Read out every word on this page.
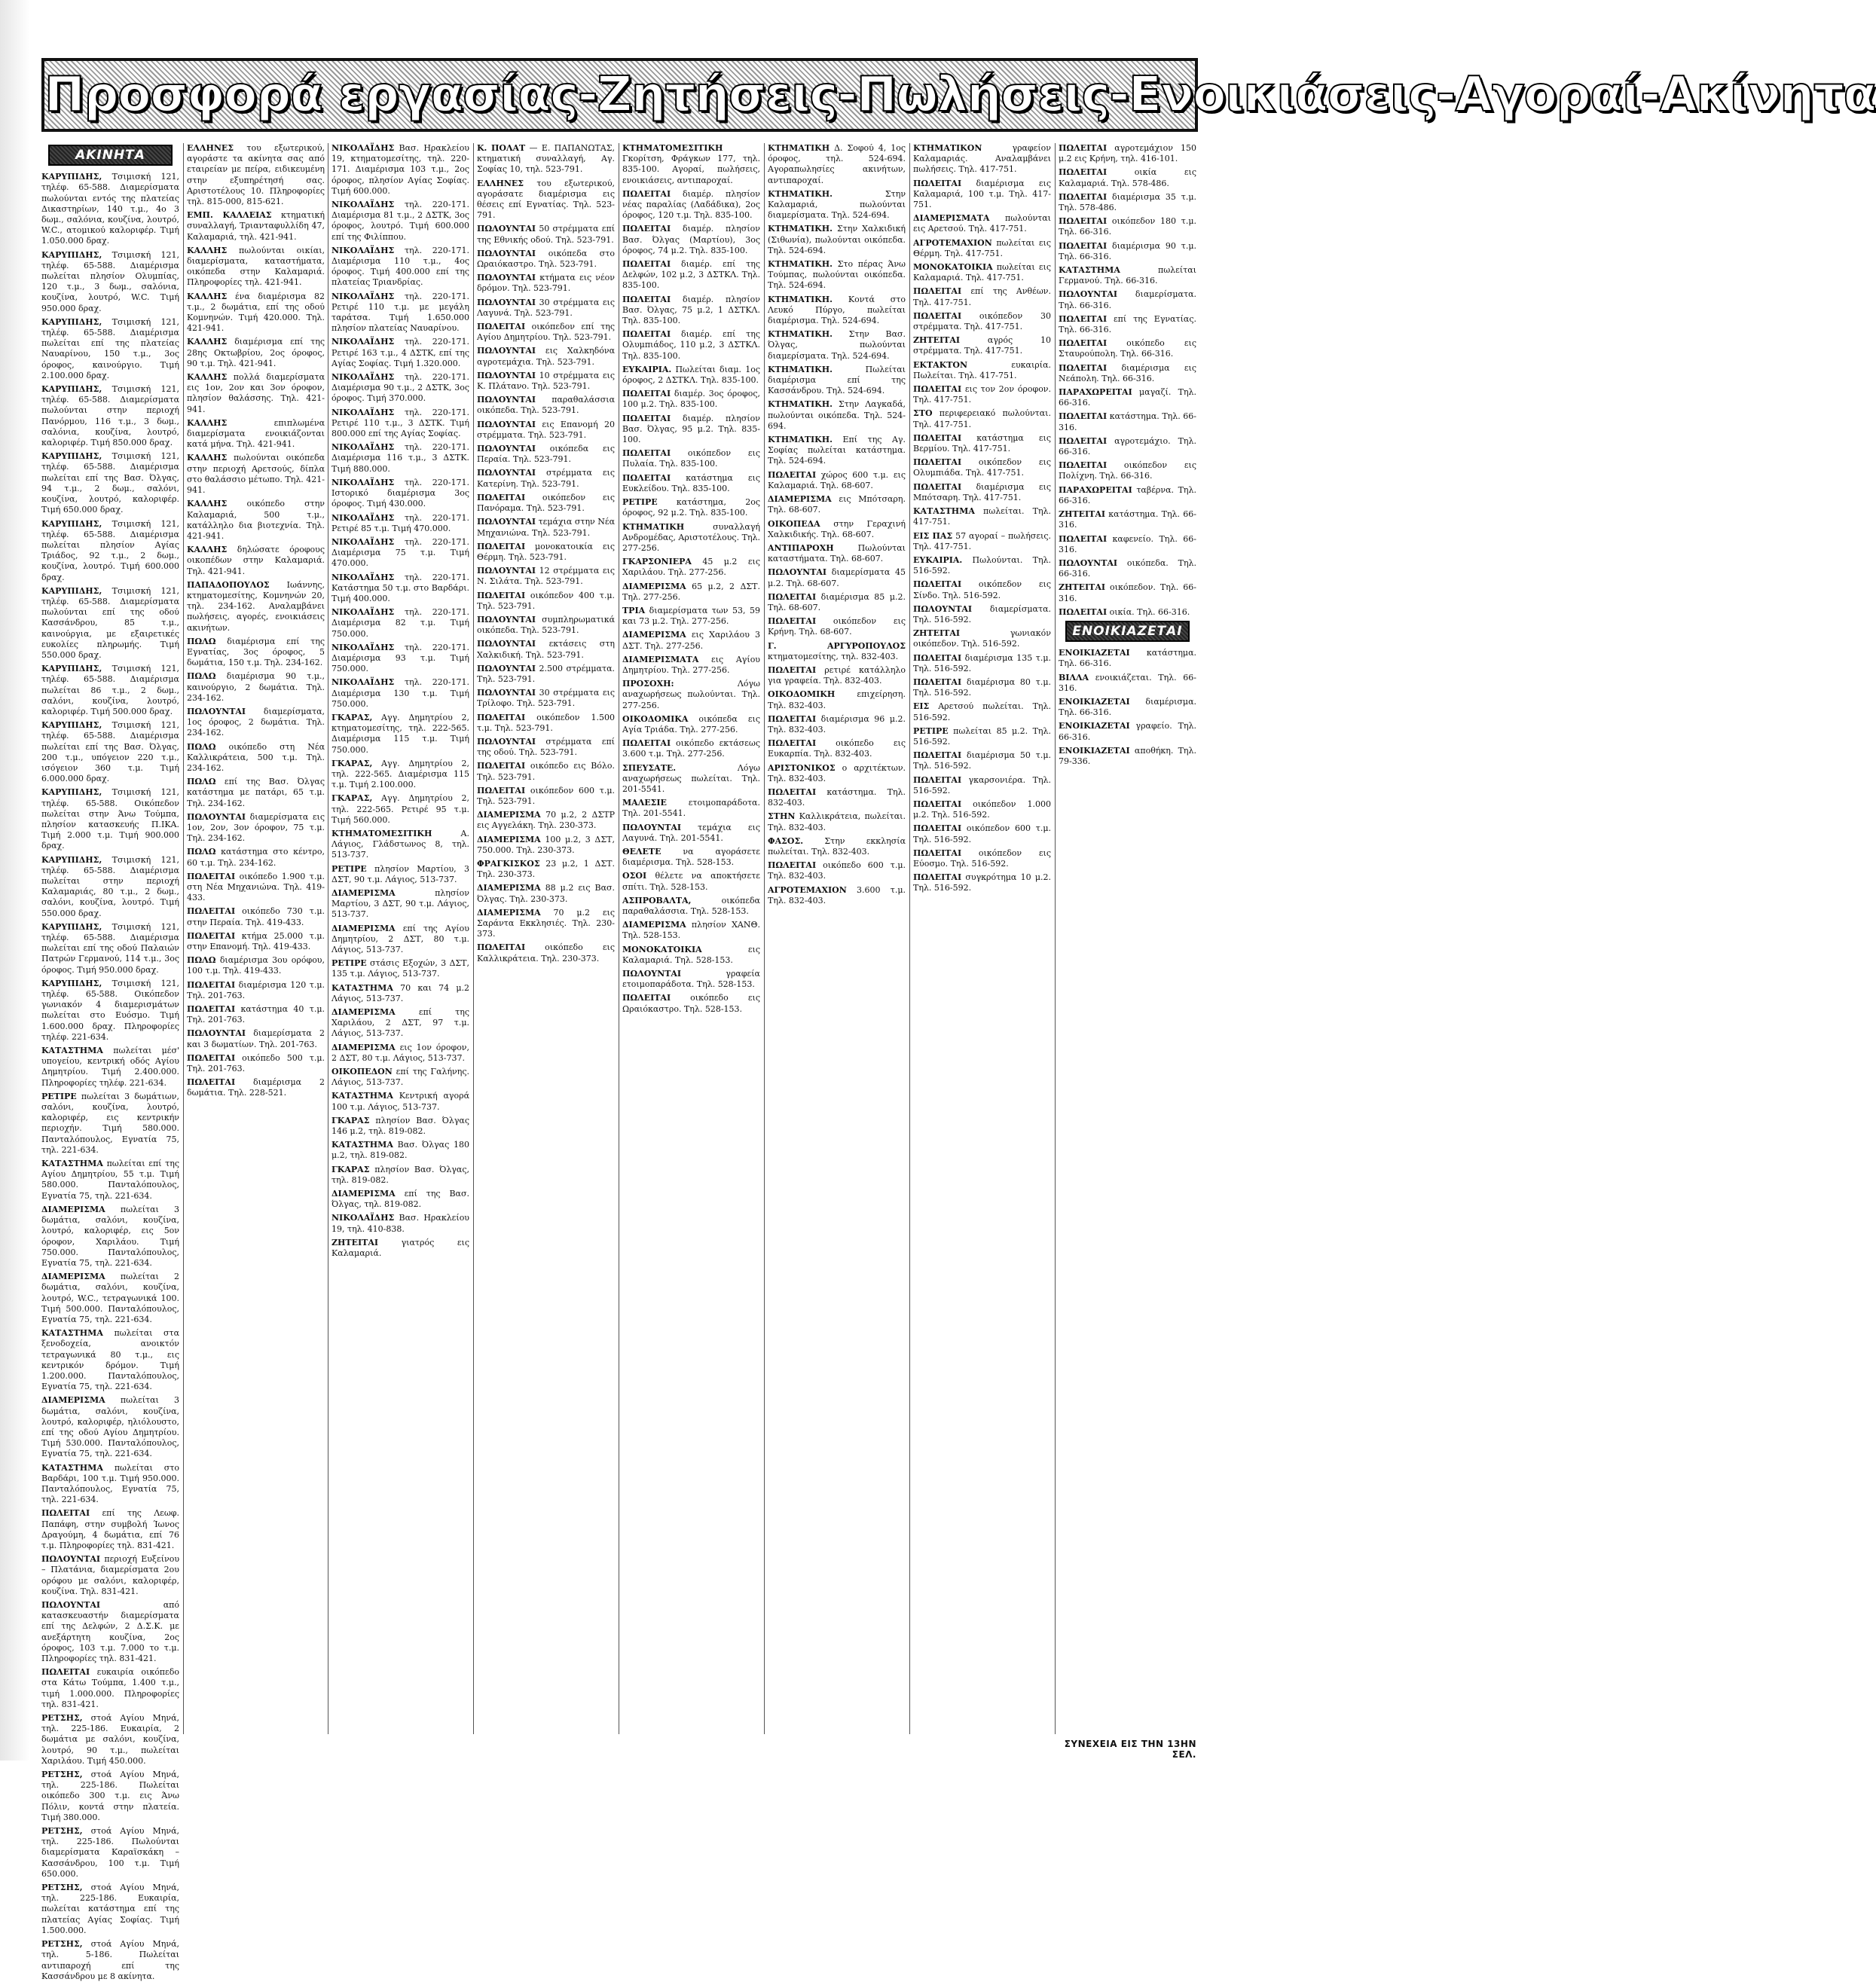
Προσφορά εργασίας-Ζητήσεις-Πωλήσεις-Ενοικιάσεις-Αγοραί-Ακίνητα
ΑΚΙΝΗΤΑ

ΚΑΡΥΠΙΔΗΣ, Τσιμισκή 121, τηλέφ. 65-588. Διαμερίσματα πωλούνται εντός της πλατείας Δικαστηρίων, 140 τ.μ., 4ο 3 δωμ., σαλόνια, κουζίνα, λουτρό, W.C., ατομικού καλοριφέρ. Τιμή 1.050.000 δραχ.

ΚΑΡΥΠΙΔΗΣ, Τσιμισκή 121, τηλέφ. 65-588. Διαμέρισμα πωλείται πλησίον Ολυμπίας, 120 τ.μ., 3 δωμ., σαλόνια, κουζίνα, λουτρό, W.C. Τιμή 950.000 δραχ.

ΚΑΡΥΠΙΔΗΣ, Τσιμισκή 121, τηλέφ. 65-588. Διαμέρισμα πωλείται επί της πλατείας Ναυαρίνου, 150 τ.μ., 3ος όροφος, καινούργιο. Τιμή 2.100.000 δραχ.

ΚΑΡΥΠΙΔΗΣ, Τσιμισκή 121, τηλέφ. 65-588. Διαμερίσματα πωλούνται στην περιοχή Πανόρμου, 116 τ.μ., 3 δωμ., σαλόνια, κουζίνα, λουτρό, καλοριφέρ. Τιμή 850.000 δραχ.

ΚΑΡΥΠΙΔΗΣ, Τσιμισκή 121, τηλέφ. 65-588. Διαμέρισμα πωλείται επί της Βασ. Όλγας, 94 τ.μ., 2 δωμ., σαλόνι, κουζίνα, λουτρό, καλοριφέρ. Τιμή 650.000 δραχ.

ΚΑΡΥΠΙΔΗΣ, Τσιμισκή 121, τηλέφ. 65-588. Διαμέρισμα πωλείται πλησίον Αγίας Τριάδος, 92 τ.μ., 2 δωμ., κουζίνα, λουτρό. Τιμή 600.000 δραχ.

ΚΑΡΥΠΙΔΗΣ, Τσιμισκή 121, τηλέφ. 65-588. Διαμερίσματα πωλούνται επί της οδού Κασσάνδρου, 85 τ.μ., καινούργια, με εξαιρετικές ευκολίες πληρωμής. Τιμή 550.000 δραχ.

ΚΑΡΥΠΙΔΗΣ, Τσιμισκή 121, τηλέφ. 65-588. Διαμέρισμα πωλείται 86 τ.μ., 2 δωμ., σαλόνι, κουζίνα, λουτρό, καλοριφέρ. Τιμή 500.000 δραχ.

ΚΑΡΥΠΙΔΗΣ, Τσιμισκή 121, τηλέφ. 65-588. Διαμέρισμα πωλείται επί της Βασ. Όλγας, 200 τ.μ., υπόγειον 220 τ.μ., ισόγειον 360 τ.μ. Τιμή 6.000.000 δραχ.

ΚΑΡΥΠΙΔΗΣ, Τσιμισκή 121, τηλέφ. 65-588. Οικόπεδον πωλείται στην Άνω Τούμπα, πλησίον κατασκευής Π.ΙΚΑ. Τιμή 2.000 τ.μ. Τιμή 900.000 δραχ.

ΚΑΡΥΠΙΔΗΣ, Τσιμισκή 121, τηλέφ. 65-588. Διαμέρισμα πωλείται στην περιοχή Καλαμαριάς, 80 τ.μ., 2 δωμ., σαλόνι, κουζίνα, λουτρό. Τιμή 550.000 δραχ.

ΚΑΡΥΠΙΔΗΣ, Τσιμισκή 121, τηλέφ. 65-588. Διαμέρισμα πωλείται επί της οδού Παλαιών Πατρών Γερμανού, 114 τ.μ., 3ος όροφος. Τιμή 950.000 δραχ.

ΚΑΡΥΠΙΔΗΣ, Τσιμισκή 121, τηλέφ. 65-588. Οικόπεδον γωνιακόν 4 διαμερισμάτων πωλείται στο Ευόσμο. Τιμή 1.600.000 δραχ. Πληροφορίες τηλέφ. 221-634.

ΚΑΤΑΣΤΗΜΑ πωλείται μέσ' υπογείου, κεντρική οδός Αγίου Δημητρίου. Τιμή 2.400.000. Πληροφορίες τηλέφ. 221-634.

ΡΕΤΙΡΕ πωλείται 3 δωμάτιων, σαλόνι, κουζίνα, λουτρό, καλοριφέρ, εις κεντρικήν περιοχήν. Τιμή 580.000. Πανταλόπουλος, Εγνατία 75, τηλ. 221-634.

ΚΑΤΑΣΤΗΜΑ πωλείται επί της Αγίου Δημητρίου, 55 τ.μ. Τιμή 580.000. Πανταλόπουλος, Εγνατία 75, τηλ. 221-634.

ΔΙΑΜΕΡΙΣΜΑ πωλείται 3 δωμάτια, σαλόνι, κουζίνα, λουτρό, καλοριφέρ, εις 5ον όροφον, Χαριλάου. Τιμή 750.000. Πανταλόπουλος, Εγνατία 75, τηλ. 221-634.

ΔΙΑΜΕΡΙΣΜΑ πωλείται 2 δωμάτια, σαλόνι, κουζίνα, λουτρό, W.C., τετραγωνικά 100. Τιμή 500.000. Πανταλόπουλος, Εγνατία 75, τηλ. 221-634.

ΚΑΤΑΣΤΗΜΑ πωλείται στα ξενοδοχεία, ανοικτόν τετραγωνικά 80 τ.μ., εις κεντρικόν δρόμον. Τιμή 1.200.000. Πανταλόπουλος, Εγνατία 75, τηλ. 221-634.

ΔΙΑΜΕΡΙΣΜΑ πωλείται 3 δωμάτια, σαλόνι, κουζίνα, λουτρό, καλοριφέρ, ηλιόλουστο, επί της οδού Αγίου Δημητρίου. Τιμή 530.000. Πανταλόπουλος, Εγνατία 75, τηλ. 221-634.

ΚΑΤΑΣΤΗΜΑ πωλείται στο Βαρδάρι, 100 τ.μ. Τιμή 950.000. Πανταλόπουλος, Εγνατία 75, τηλ. 221-634.

ΠΩΛΕΙΤΑΙ επί της Λεωφ. Παπάφη, στην συμβολή Ίωνος Δραγούμη, 4 δωμάτια, επί 76 τ.μ. Πληροφορίες τηλ. 831-421.

ΠΩΛΟΥΝΤΑΙ περιοχή Ευξείνου – Πλατάνια, διαμερίσματα 2ου ορόφου με σαλόνι, καλοριφέρ, κουζίνα. Τηλ. 831-421.

ΠΩΛΟΥΝΤΑΙ	από κατασκευαστήν διαμερίσματα επί της Δελφών, 2 Δ.Σ.Κ. με ανεξάρτητη κουζίνα, 2ος όροφος, 103 τ.μ. 7.000 το τ.μ. Πληροφορίες τηλ. 831-421.

ΠΩΛΕΙΤΑΙ ευκαιρία οικόπεδο στα Κάτω Τούμπα, 1.400 τ.μ., τιμή 1.000.000. Πληροφορίες τηλ. 831-421.

ΡΕΤΣΗΣ, στοά Αγίου Μηνά, τηλ. 225-186. Ευκαιρία, 2 δωμάτια με σαλόνι, κουζίνα, λουτρό, 90 τ.μ., πωλείται Χαριλάου. Τιμή 450.000.

ΡΕΤΣΗΣ, στοά Αγίου Μηνά, τηλ. 225-186. Πωλείται οικόπεδο 300 τ.μ. εις Άνω Πόλιν, κοντά στην πλατεία. Τιμή 380.000.

ΡΕΤΣΗΣ, στοά Αγίου Μηνά, τηλ. 225-186. Πωλούνται διαμερίσματα Καραϊσκάκη – Κασσάνδρου, 100 τ.μ. Τιμή 650.000.

ΡΕΤΣΗΣ, στοά Αγίου Μηνά, τηλ. 225-186. Ευκαιρία, πωλείται κατάστημα επί της πλατείας Αγίας Σοφίας. Τιμή 1.500.000.

ΡΕΤΣΗΣ, στοά Αγίου Μηνά, τηλ. 5-186. Πωλείται αντιπαροχή επί της Κασσάνδρου με 8 ακίνητα.

ΕΛΛΗΝΕΣ του εξωτερικού, αγοράστε τα ακίνητα σας από εταιρείαν με πείρα, ειδικευμένη στην εξυπηρέτησή σας. Αριστοτέλους 10. Πληροφορίες τηλ. 815-000, 815-621.

ΕΜΠ. ΚΑΛΛΕΙΑΣ κτηματική συναλλαγή, Τριανταφυλλίδη 47, Καλαμαριά, τηλ. 421-941.

ΚΑΛΛΗΣ πωλούνται οικίαι, διαμερίσματα, καταστήματα, οικόπεδα στην Καλαμαριά. Πληροφορίες τηλ. 421-941.

ΚΑΛΛΗΣ ένα διαμέρισμα 82 τ.μ., 2 δωμάτια, επί της οδού Κομνηνών. Τιμή 420.000. Τηλ. 421-941.

ΚΑΛΛΗΣ διαμέρισμα επί της 28ης Οκτωβρίου, 2ος όροφος, 90 τ.μ. Τηλ. 421-941.

ΚΑΛΛΗΣ πολλά διαμερίσματα εις 1ον, 2ον και 3ον όροφον, πλησίον θαλάσσης. Τηλ. 421-941.

ΚΑΛΛΗΣ	επιπλωμένα διαμερίσματα ενοικιάζονται κατά μήνα. Τηλ. 421-941.

ΚΑΛΛΗΣ πωλούνται οικόπεδα στην περιοχή Αρετσούς, δίπλα στο θαλάσσιο μέτωπο. Τηλ. 421-941.

ΚΑΛΛΗΣ οικόπεδο στην Καλαμαριά, 500 τ.μ., κατάλληλο δια βιοτεχνία. Τηλ. 421-941.

ΚΑΛΛΗΣ δηλώσατε όροφους οικοπέδων στην Καλαμαριά. Τηλ. 421-941.

ΠΑΠΑΔΟΠΟΥΛΟΣ Ιωάννης, κτηματομεσίτης, Κομνηνών 20, τηλ. 234-162. Αναλαμβάνει πωλήσεις, αγορές, ενοικιάσεις ακινήτων.

ΠΩΛΩ διαμέρισμα επί της Εγνατίας, 3ος όροφος, 5 δωμάτια, 150 τ.μ. Τηλ. 234-162.

ΠΩΛΩ διαμέρισμα 90 τ.μ., καινούργιο, 2 δωμάτια. Τηλ. 234-162.

ΠΩΛΟΥΝΤΑΙ διαμερίσματα, 1ος όροφος, 2 δωμάτια. Τηλ. 234-162.

ΠΩΛΩ οικόπεδο στη Νέα Καλλικράτεια, 500 τ.μ. Τηλ. 234-162.

ΠΩΛΩ επί της Βασ. Όλγας κατάστημα με πατάρι, 65 τ.μ. Τηλ. 234-162.

ΠΩΛΟΥΝΤΑΙ διαμερίσματα εις 1ον, 2ον, 3ον όροφον, 75 τ.μ. Τηλ. 234-162.

ΠΩΛΩ κατάστημα στο κέντρο, 60 τ.μ. Τηλ. 234-162.

ΠΩΛΕΙΤΑΙ οικόπεδο 1.900 τ.μ. στη Νέα Μηχανιώνα. Τηλ. 419-433.

ΠΩΛΕΙΤΑΙ οικόπεδο 730 τ.μ. στην Περαία. Τηλ. 419-433.

ΠΩΛΕΙΤΑΙ κτήμα 25.000 τ.μ. στην Επανομή. Τηλ. 419-433.

ΠΩΛΩ διαμέρισμα 3ου ορόφου, 100 τ.μ. Τηλ. 419-433.

ΠΩΛΕΙΤΑΙ διαμέρισμα 120 τ.μ. Τηλ. 201-763.

ΠΩΛΕΙΤΑΙ κατάστημα 40 τ.μ. Τηλ. 201-763.

ΠΩΛΟΥΝΤΑΙ διαμερίσματα 2 και 3 δωματίων. Τηλ. 201-763.

ΠΩΛΕΙΤΑΙ οικόπεδο 500 τ.μ. Τηλ. 201-763.

ΠΩΛΕΙΤΑΙ διαμέρισμα 2 δωμάτια. Τηλ. 228-521.

ΝΙΚΟΛΑΪΔΗΣ Βασ. Ηρακλείου 19, κτηματομεσίτης, τηλ. 220-171. Διαμέρισμα 103 τ.μ., 2ος όροφος, πλησίον Αγίας Σοφίας. Τιμή 600.000.

ΝΙΚΟΛΑΪΔΗΣ τηλ. 220-171. Διαμέρισμα 81 τ.μ., 2 ΔΣΤΚ, 3ος όροφος, λουτρό. Τιμή 600.000 επί της Φιλίππου.

ΝΙΚΟΛΑΪΔΗΣ τηλ. 220-171. Διαμέρισμα 110 τ.μ., 4ος όροφος. Τιμή 400.000 επί της πλατείας Τριανδρίας.

ΝΙΚΟΛΑΪΔΗΣ τηλ. 220-171. Ρετιρέ 110 τ.μ. με μεγάλη ταράτσα. Τιμή 1.650.000 πλησίον πλατείας Ναυαρίνου.

ΝΙΚΟΛΑΪΔΗΣ τηλ. 220-171. Ρετιρέ 163 τ.μ., 4 ΔΣΤΚ, επί της Αγίας Σοφίας. Τιμή 1.320.000.

ΝΙΚΟΛΑΪΔΗΣ τηλ. 220-171. Διαμέρισμα 90 τ.μ., 2 ΔΣΤΚ, 3ος όροφος. Τιμή 370.000.

ΝΙΚΟΛΑΪΔΗΣ τηλ. 220-171. Ρετιρέ 110 τ.μ., 3 ΔΣΤΚ. Τιμή 800.000 επί της Αγίας Σοφίας.

ΝΙΚΟΛΑΪΔΗΣ τηλ. 220-171. Διαμέρισμα 116 τ.μ., 3 ΔΣΤΚ. Τιμή 880.000.

ΝΙΚΟΛΑΪΔΗΣ τηλ. 220-171. Ιστορικό διαμέρισμα 3ος όροφος. Τιμή 430.000.

ΝΙΚΟΛΑΪΔΗΣ τηλ. 220-171. Ρετιρέ 85 τ.μ. Τιμή 470.000.

ΝΙΚΟΛΑΪΔΗΣ τηλ. 220-171. Διαμέρισμα 75 τ.μ. Τιμή 470.000.

ΝΙΚΟΛΑΪΔΗΣ τηλ. 220-171. Κατάστημα 50 τ.μ. στο Βαρδάρι. Τιμή 400.000.

ΝΙΚΟΛΑΪΔΗΣ τηλ. 220-171. Διαμέρισμα 82 τ.μ. Τιμή 750.000.

ΝΙΚΟΛΑΪΔΗΣ τηλ. 220-171. Διαμέρισμα 93 τ.μ. Τιμή 750.000.

ΝΙΚΟΛΑΪΔΗΣ τηλ. 220-171. Διαμέρισμα 130 τ.μ. Τιμή 750.000.

ΓΚΑΡΑΣ, Αγγ. Δημητρίου 2, κτηματομεσίτης, τηλ. 222-565. Διαμέρισμα 115 τ.μ. Τιμή 750.000.

ΓΚΑΡΑΣ, Αγγ. Δημητρίου 2, τηλ. 222-565. Διαμέρισμα 115 τ.μ. Τιμή 2.100.000.

ΓΚΑΡΑΣ, Αγγ. Δημητρίου 2, τηλ. 222-565. Ρετιρέ 95 τ.μ. Τιμή 560.000.

ΚΤΗΜΑΤΟΜΕΣΙΤΙΚΗ	Α. Λάγιος, Γλάδστωνος 8, τηλ. 513-737.

ΡΕΤΙΡΕ πλησίον Μαρτίου, 3 ΔΣΤ, 90 τ.μ. Λάγιος, 513-737.

ΔΙΑΜΕΡΙΣΜΑ	πλησίον Μαρτίου, 3 ΔΣΤ, 90 τ.μ. Λάγιος, 513-737.

ΔΙΑΜΕΡΙΣΜΑ επί της Αγίου Δημητρίου, 2 ΔΣΤ, 80 τ.μ. Λάγιος, 513-737.

ΡΕΤΙΡΕ στάσις Εξοχών, 3 ΔΣΤ, 135 τ.μ. Λάγιος, 513-737.

ΚΑΤΑΣΤΗΜΑ 70 και 74 μ.2 Λάγιος, 513-737.

ΔΙΑΜΕΡΙΣΜΑ	επί της Χαριλάου, 2 ΔΣΤ, 97 τ.μ. Λάγιος, 513-737.

ΔΙΑΜΕΡΙΣΜΑ εις 1ον όροφον, 2 ΔΣΤ, 80 τ.μ. Λάγιος, 513-737.

ΟΙΚΟΠΕΔΟΝ επί της Γαλήνης. Λάγιος, 513-737.

ΚΑΤΑΣΤΗΜΑ Κεντρική αγορά 100 τ.μ. Λάγιος, 513-737.

ΓΚΑΡΑΣ πλησίον Βασ. Όλγας 146 μ.2, τηλ. 819-082.

ΚΑΤΑΣΤΗΜΑ Βασ. Όλγας 180 μ.2, τηλ. 819-082.

ΓΚΑΡΑΣ πλησίον Βασ. Όλγας, τηλ. 819-082.

ΔΙΑΜΕΡΙΣΜΑ επί της Βασ. Όλγας, τηλ. 819-082.

ΝΙΚΟΛΑΪΔΗΣ Βασ. Ηρακλείου 19, τηλ. 410-838.

ΖΗΤΕΙΤΑΙ	γιατρός εις Καλαμαριά.

Κ. ΠΟΛΑΤ — Ε. ΠΑΠΑΝΩΤΑΣ, κτηματική συναλλαγή, Αγ. Σοφίας 10, τηλ. 523-791.

ΕΛΛΗΝΕΣ του εξωτερικού, αγοράσατε διαμέρισμα εις θέσεις επί Εγνατίας. Τηλ. 523-791.

ΠΩΛΟΥΝΤΑΙ 50 στρέμματα επί της Εθνικής οδού. Τηλ. 523-791.

ΠΩΛΟΥΝΤΑΙ οικόπεδα στο Ωραιόκαστρο. Τηλ. 523-791.

ΠΩΛΟΥΝΤΑΙ κτήματα εις νέον δρόμον. Τηλ. 523-791.

ΠΩΛΟΥΝΤΑΙ 30 στρέμματα εις Λαγυνά. Τηλ. 523-791.

ΠΩΛΕΙΤΑΙ οικόπεδον επί της Αγίου Δημητρίου. Τηλ. 523-791.

ΠΩΛΟΥΝΤΑΙ εις Χαλκηδόνα αγροτεμάχια. Τηλ. 523-791.

ΠΩΛΟΥΝΤΑΙ 10 στρέμματα εις Κ. Πλάτανο. Τηλ. 523-791.

ΠΩΛΟΥΝΤΑΙ παραθαλάσσια οικόπεδα. Τηλ. 523-791.

ΠΩΛΟΥΝΤΑΙ εις Επανομή 20 στρέμματα. Τηλ. 523-791.

ΠΩΛΟΥΝΤΑΙ οικόπεδα εις Περαία. Τηλ. 523-791.

ΠΩΛΟΥΝΤΑΙ στρέμματα εις Κατερίνη. Τηλ. 523-791.

ΠΩΛΕΙΤΑΙ οικόπεδον εις Πανόραμα. Τηλ. 523-791.

ΠΩΛΟΥΝΤΑΙ τεμάχια στην Νέα Μηχανιώνα. Τηλ. 523-791.

ΠΩΛΕΙΤΑΙ μονοκατοικία εις Θέρμη. Τηλ. 523-791.

ΠΩΛΟΥΝΤΑΙ 12 στρέμματα εις Ν. Σιλάτα. Τηλ. 523-791.

ΠΩΛΕΙΤΑΙ οικόπεδον 400 τ.μ. Τηλ. 523-791.

ΠΩΛΟΥΝΤΑΙ συμπληρωματικά οικόπεδα. Τηλ. 523-791.

ΠΩΛΟΥΝΤΑΙ εκτάσεις στη Χαλκιδική. Τηλ. 523-791.

ΠΩΛΟΥΝΤΑΙ 2.500 στρέμματα. Τηλ. 523-791.

ΠΩΛΟΥΝΤΑΙ 30 στρέμματα εις Τρίλοφο. Τηλ. 523-791.

ΠΩΛΕΙΤΑΙ οικόπεδον 1.500 τ.μ. Τηλ. 523-791.

ΠΩΛΟΥΝΤΑΙ στρέμματα επί της οδού. Τηλ. 523-791.

ΠΩΛΕΙΤΑΙ οικόπεδο εις Βόλο. Τηλ. 523-791.

ΠΩΛΕΙΤΑΙ οικόπεδον 600 τ.μ. Τηλ. 523-791.

ΔΙΑΜΕΡΙΣΜΑ 70 μ.2, 2 ΔΣΤΡ εις Αγγελάκη. Τηλ. 230-373.

ΔΙΑΜΕΡΙΣΜΑ 100 μ.2, 3 ΔΣΤ, 750.000. Τηλ. 230-373.

ΦΡΑΓΚΙΣΚΟΣ 23 μ.2, 1 ΔΣΤ. Τηλ. 230-373.

ΔΙΑΜΕΡΙΣΜΑ 88 μ.2 εις Βασ. Όλγας. Τηλ. 230-373.

ΔΙΑΜΕΡΙΣΜΑ 70 μ.2 εις Σαράντα Εκκλησιές. Τηλ. 230-373.

ΠΩΛΕΙΤΑΙ οικόπεδο εις Καλλικράτεια. Τηλ. 230-373.

ΚΤΗΜΑΤΟΜΕΣΙΤΙΚΗ Γκορίτση, Φράγκων 177, τηλ. 835-100. Αγοραί, πωλήσεις, ενοικιάσεις, αντιπαροχαί.

ΠΩΛΕΙΤΑΙ διαμέρ. πλησίον νέας παραλίας (Λαδάδικα), 2ος όροφος, 120 τ.μ. Τηλ. 835-100.

ΠΩΛΕΙΤΑΙ διαμέρ. πλησίον Βασ. Όλγας (Μαρτίου), 3ος όροφος, 74 μ.2. Τηλ. 835-100.

ΠΩΛΕΙΤΑΙ διαμέρ. επί της Δελφών, 102 μ.2, 3 ΔΣΤΚΛ. Τηλ. 835-100.

ΠΩΛΕΙΤΑΙ διαμέρ. πλησίον Βασ. Όλγας, 75 μ.2, 1 ΔΣΤΚΛ. Τηλ. 835-100.

ΠΩΛΕΙΤΑΙ διαμέρ. επί της Ολυμπιάδος, 110 μ.2, 3 ΔΣΤΚΛ. Τηλ. 835-100.

ΕΥΚΑΙΡΙΑ. Πωλείται διαμ. 1ος όροφος, 2 ΔΣΤΚΛ. Τηλ. 835-100.

ΠΩΛΕΙΤΑΙ διαμέρ. 3ος όροφος, 100 μ.2. Τηλ. 835-100.

ΠΩΛΕΙΤΑΙ διαμέρ. πλησίον Βασ. Όλγας, 95 μ.2. Τηλ. 835-100.

ΠΩΛΕΙΤΑΙ οικόπεδον εις Πυλαία. Τηλ. 835-100.

ΠΩΛΕΙΤΑΙ κατάστημα εις Ευκλείδου. Τηλ. 835-100.

ΡΕΤΙΡΕ κατάστημα, 2ος όροφος, 92 μ.2. Τηλ. 835-100.

ΚΤΗΜΑΤΙΚΗ	συναλλαγή Ανδρομέδας, Αριστοτέλους. Τηλ. 277-256.

ΓΚΑΡΣΟΝΙΕΡΑ 45 μ.2 εις Χαριλάου. Τηλ. 277-256.

ΔΙΑΜΕΡΙΣΜΑ 65 μ.2, 2 ΔΣΤ. Τηλ. 277-256.

ΤΡΙΑ διαμερίσματα των 53, 59 και 73 μ.2. Τηλ. 277-256.

ΔΙΑΜΕΡΙΣΜΑ εις Χαριλάου 3 ΔΣΤ. Τηλ. 277-256.

ΔΙΑΜΕΡΙΣΜΑΤΑ εις Αγίου Δημητρίου. Τηλ. 277-256.

ΠΡΟΣΟΧΗ:	Λόγω αναχωρήσεως πωλούνται. Τηλ. 277-256.

ΟΙΚΟΔΟΜΙΚΑ οικόπεδα εις Αγία Τριάδα. Τηλ. 277-256.

ΠΩΛΕΙΤΑΙ οικόπεδο εκτάσεως 3.600 τ.μ. Τηλ. 277-256.

ΣΠΕΥΣΑΤΕ.	Λόγω αναχωρήσεως πωλείται. Τηλ. 201-5541.

ΜΑΛΕΣΙΕ	ετοιμοπαράδοτα. Τηλ. 201-5541.

ΠΩΛΟΥΝΤΑΙ τεμάχια εις Λαγυνά. Τηλ. 201-5541.

ΘΕΛΕΤΕ	να αγοράσετε διαμέρισμα. Τηλ. 528-153.

ΟΣΟΙ θέλετε να αποκτήσετε σπίτι. Τηλ. 528-153.

ΑΣΠΡΟΒΑΛΤΑ,	οικόπεδα παραθαλάσσια. Τηλ. 528-153.

ΔΙΑΜΕΡΙΣΜΑ πλησίον ΧΑΝΘ. Τηλ. 528-153.

ΜΟΝΟΚΑΤΟΙΚΙΑ	εις Καλαμαριά. Τηλ. 528-153.

ΠΩΛΟΥΝΤΑΙ	γραφεία ετοιμοπαράδοτα. Τηλ. 528-153.

ΠΩΛΕΙΤΑΙ οικόπεδο εις Ωραιόκαστρο. Τηλ. 528-153.

ΚΤΗΜΑΤΙΚΗ Δ. Σοφού 4, 1ος όροφος, τηλ. 524-694. Αγοραπωλησίες ακινήτων, αντιπαροχαί.

ΚΤΗΜΑΤΙΚΗ.	Στην Καλαμαριά, πωλούνται διαμερίσματα. Τηλ. 524-694.

ΚΤΗΜΑΤΙΚΗ. Στην Χαλκιδική (Σιθωνία), πωλούνται οικόπεδα. Τηλ. 524-694.

ΚΤΗΜΑΤΙΚΗ. Στο πέρας Άνω Τούμπας, πωλούνται οικόπεδα. Τηλ. 524-694.

ΚΤΗΜΑΤΙΚΗ. Κοντά στο Λευκό Πύργο, πωλείται διαμέρισμα. Τηλ. 524-694.

ΚΤΗΜΑΤΙΚΗ. Στην Βασ. Όλγας, πωλούνται διαμερίσματα. Τηλ. 524-694.

ΚΤΗΜΑΤΙΚΗ.	Πωλείται διαμέρισμα επί της Κασσάνδρου. Τηλ. 524-694.

ΚΤΗΜΑΤΙΚΗ. Στην Λαγκαδά, πωλούνται οικόπεδα. Τηλ. 524-694.

ΚΤΗΜΑΤΙΚΗ. Επί της Αγ. Σοφίας πωλείται κατάστημα. Τηλ. 524-694.

ΠΩΛΕΙΤΑΙ χώρος 600 τ.μ. εις Καλαμαριά. Τηλ. 68-607.

ΔΙΑΜΕΡΙΣΜΑ εις Μπότσαρη. Τηλ. 68-607.

ΟΙΚΟΠΕΔΑ στην Γεραχινή Χαλκιδικής. Τηλ. 68-607.

ΑΝΤΙΠΑΡΟΧΗ	Πωλούνται καταστήματα. Τηλ. 68-607.

ΠΩΛΟΥΝΤΑΙ διαμερίσματα 45 μ.2. Τηλ. 68-607.

ΠΩΛΕΙΤΑΙ διαμέρισμα 85 μ.2. Τηλ. 68-607.

ΠΩΛΕΙΤΑΙ οικόπεδον εις Κρήνη. Τηλ. 68-607.

Γ. ΑΡΓΥΡΟΠΟΥΛΟΣ κτηματομεσίτης, τηλ. 832-403.

ΠΩΛΕΙΤΑΙ ρετιρέ κατάλληλο για γραφεία. Τηλ. 832-403.

ΟΙΚΟΔΟΜΙΚΗ	επιχείρηση. Τηλ. 832-403.

ΠΩΛΕΙΤΑΙ διαμέρισμα 96 μ.2. Τηλ. 832-403.

ΠΩΛΕΙΤΑΙ οικόπεδο εις Ευκαρπία. Τηλ. 832-403.

ΑΡΙΣΤΟΝΙΚΟΣ ο αρχιτέκτων. Τηλ. 832-403.

ΠΩΛΕΙΤΑΙ κατάστημα. Τηλ. 832-403.

ΣΤΗΝ Καλλικράτεια, πωλείται. Τηλ. 832-403.

ΦΑΣΟΣ.	Στην εκκλησία πωλείται. Τηλ. 832-403.

ΠΩΛΕΙΤΑΙ οικόπεδο 600 τ.μ. Τηλ. 832-403.

ΑΓΡΟΤΕΜΑΧΙΟΝ 3.600 τ.μ. Τηλ. 832-403.

ΚΤΗΜΑΤΙΚΟΝ	γραφείον Καλαμαριάς. Αναλαμβάνει πωλήσεις. Τηλ. 417-751.

ΠΩΛΕΙΤΑΙ διαμέρισμα εις Καλαμαριά, 100 τ.μ. Τηλ. 417-751.

ΔΙΑΜΕΡΙΣΜΑΤΑ πωλούνται εις Αρετσού. Τηλ. 417-751.

ΑΓΡΟΤΕΜΑΧΙΟΝ πωλείται εις Θέρμη. Τηλ. 417-751.

ΜΟΝΟΚΑΤΟΙΚΙΑ πωλείται εις Καλαμαριά. Τηλ. 417-751.

ΠΩΛΕΙΤΑΙ επί της Ανθέων. Τηλ. 417-751.

ΠΩΛΕΙΤΑΙ οικόπεδον 30 στρέμματα. Τηλ. 417-751.

ΖΗΤΕΙΤΑΙ	αγρός 10 στρέμματα. Τηλ. 417-751.

ΕΚΤΑΚΤΟΝ	ευκαιρία. Πωλείται. Τηλ. 417-751.

ΠΩΛΕΙΤΑΙ εις τον 2ον όροφον. Τηλ. 417-751.

ΣΤΟ περιφερειακό πωλούνται. Τηλ. 417-751.

ΠΩΛΕΙΤΑΙ κατάστημα εις Βερμίου. Τηλ. 417-751.

ΠΩΛΕΙΤΑΙ οικόπεδον εις Ολυμπιάδα. Τηλ. 417-751.

ΠΩΛΕΙΤΑΙ διαμέρισμα εις Μπότσαρη. Τηλ. 417-751.

ΚΑΤΑΣΤΗΜΑ πωλείται. Τηλ. 417-751.

ΕΙΣ ΠΑΣ 57 αγοραί – πωλήσεις. Τηλ. 417-751.

ΕΥΚΑΙΡΙΑ. Πωλούνται. Τηλ. 516-592.

ΠΩΛΕΙΤΑΙ οικόπεδον εις Σίνδο. Τηλ. 516-592.

ΠΩΛΟΥΝΤΑΙ διαμερίσματα. Τηλ. 516-592.

ΖΗΤΕΙΤΑΙ	γωνιακόν οικόπεδον. Τηλ. 516-592.

ΠΩΛΕΙΤΑΙ διαμέρισμα 135 τ.μ. Τηλ. 516-592.

ΠΩΛΕΙΤΑΙ διαμέρισμα 80 τ.μ. Τηλ. 516-592.

ΕΙΣ Αρετσού πωλείται. Τηλ. 516-592.

ΡΕΤΙΡΕ πωλείται 85 μ.2. Τηλ. 516-592.

ΠΩΛΕΙΤΑΙ διαμέρισμα 50 τ.μ. Τηλ. 516-592.

ΠΩΛΕΙΤΑΙ γκαρσονιέρα. Τηλ. 516-592.

ΠΩΛΕΙΤΑΙ οικόπεδον 1.000 μ.2. Τηλ. 516-592.

ΠΩΛΕΙΤΑΙ οικόπεδον 600 τ.μ. Τηλ. 516-592.

ΠΩΛΕΙΤΑΙ οικόπεδον εις Εύοσμο. Τηλ. 516-592.

ΠΩΛΕΙΤΑΙ συγκρότημα 10 μ.2. Τηλ. 516-592.

ΠΩΛΕΙΤΑΙ αγροτεμάχιον 150 μ.2 εις Κρήνη, τηλ. 416-101.

ΠΩΛΕΙΤΑΙ	οικία εις Καλαμαριά. Τηλ. 578-486.

ΠΩΛΕΙΤΑΙ διαμέρισμα 35 τ.μ. Τηλ. 578-486.

ΠΩΛΕΙΤΑΙ οικόπεδον 180 τ.μ. Τηλ. 66-316.

ΠΩΛΕΙΤΑΙ διαμέρισμα 90 τ.μ. Τηλ. 66-316.

ΚΑΤΑΣΤΗΜΑ	πωλείται Γερμανού. Τηλ. 66-316.

ΠΩΛΟΥΝΤΑΙ διαμερίσματα. Τηλ. 66-316.

ΠΩΛΕΙΤΑΙ επί της Εγνατίας. Τηλ. 66-316.

ΠΩΛΕΙΤΑΙ οικόπεδο εις Σταυρούπολη. Τηλ. 66-316.

ΠΩΛΕΙΤΑΙ διαμέρισμα εις Νεάπολη. Τηλ. 66-316.

ΠΑΡΑΧΩΡΕΙΤΑΙ μαγαζί. Τηλ. 66-316.

ΠΩΛΕΙΤΑΙ κατάστημα. Τηλ. 66-316.

ΠΩΛΕΙΤΑΙ αγροτεμάχιο. Τηλ. 66-316.

ΠΩΛΕΙΤΑΙ οικόπεδον εις Πολίχνη. Τηλ. 66-316.

ΠΑΡΑΧΩΡΕΙΤΑΙ ταβέρνα. Τηλ. 66-316.

ΖΗΤΕΙΤΑΙ κατάστημα. Τηλ. 66-316.

ΠΩΛΕΙΤΑΙ καφενείο. Τηλ. 66-316.

ΠΩΛΟΥΝΤΑΙ οικόπεδα. Τηλ. 66-316.

ΖΗΤΕΙΤΑΙ οικόπεδον. Τηλ. 66-316.

ΠΩΛΕΙΤΑΙ οικία. Τηλ. 66-316.

ΕΝΟΙΚΙΑΖΕΤΑΙ

ΕΝΟΙΚΙΑΖΕΤΑΙ κατάστημα. Τηλ. 66-316.

ΒΙΛΛΑ ενοικιάζεται. Τηλ. 66-316.

ΕΝΟΙΚΙΑΖΕΤΑΙ διαμέρισμα. Τηλ. 66-316.

ΕΝΟΙΚΙΑΖΕΤΑΙ γραφείο. Τηλ. 66-316.

ΕΝΟΙΚΙΑΖΕΤΑΙ αποθήκη. Τηλ. 79-336.

ΣΥΝΕΧΕΙΑ ΕΙΣ ΤΗΝ 13ΗΝ ΣΕΛ.
